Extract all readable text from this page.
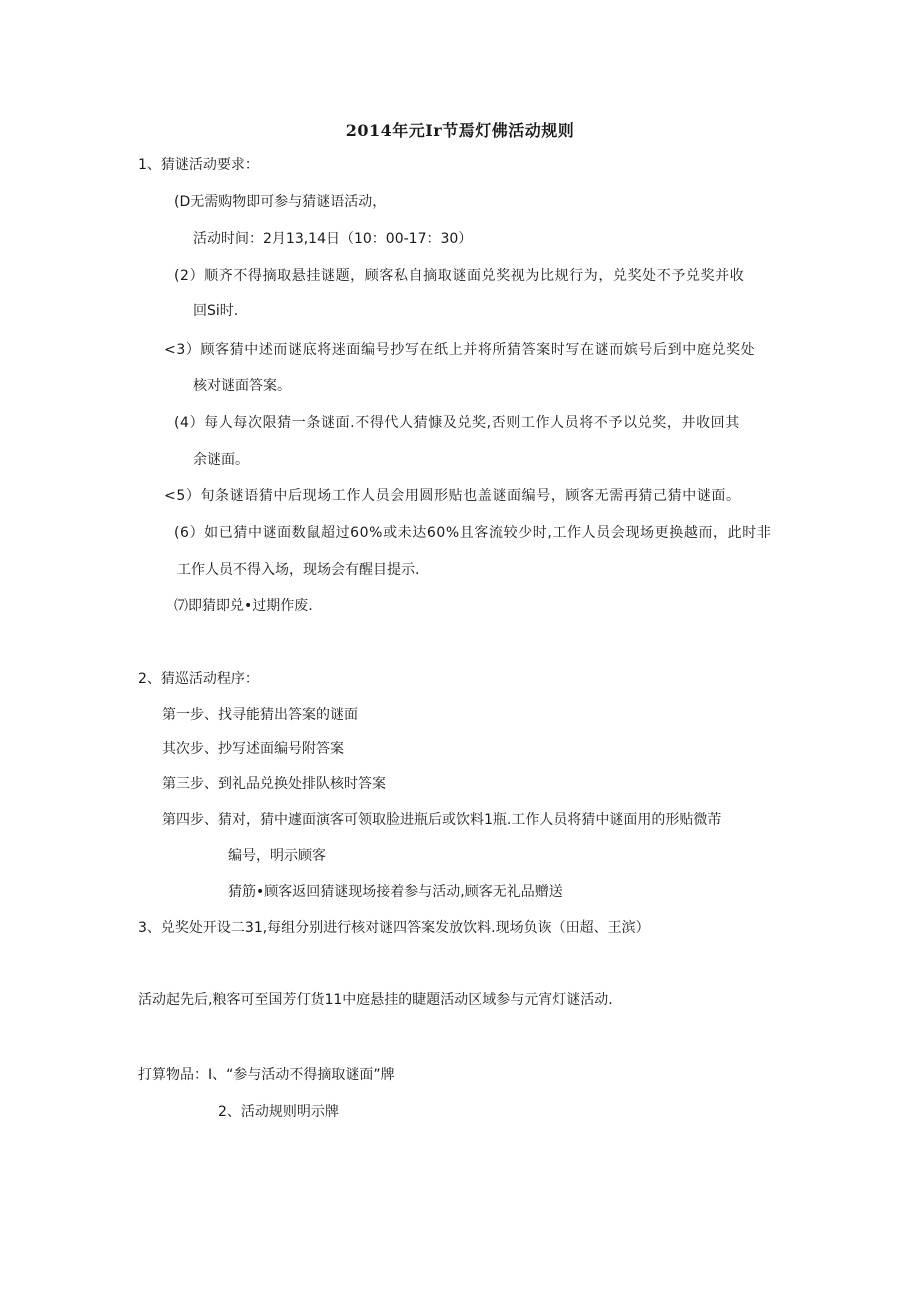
2014年元Ir节焉灯佛活动规则
1、猜谜活动要求：
(D无需购物即可参与猜谜语活动，
活动时间：2月13,14日（10：00-17：30）
(2）顺齐不得摘取悬挂谜题，顾客私自摘取谜面兑奖视为比规行为，兑奖处不予兑奖并收
回Si时.
<3）顾客猜中述而谜底将迷面编号抄写在纸上并将所猜答案时写在谜而嫔号后到中庭兑奖处
核对谜面答案。
(4）每人每次限猜一条谜面.不得代人猜慷及兑奖,否则工作人员将不予以兑奖，井收回其
余谜面。
<5）旬条谜语猜中后现场工作人员会用圆形贴也盖谜面编号，顾客无需再猜己猜中谜面。
(6）如已猜中谜面数鼠超过60%或未达60%且客流较少时,工作人员会现场更换越而，此时非
工作人员不得入场，现场会有醒目提示.
⑺即猜即兑•过期作废.
2、猜巡活动程序：
第一步、找寻能猜出答案的谜面
其次步、抄写述面编号附答案
第三步、到礼品兑换处排队核时答案
第四步、猜对，猜中遽面演客可领取脸进瓶后或饮料1瓶.工作人员将猜中谜面用的形贴微芾
编号，明示顾客
猜筋•顾客返回猜谜现场接着参与活动,顾客无礼品赠送
3、兑奖处开设二31,每组分别进行核对谜四答案发放饮料.现场负诙（田超、王滨）
活动起先后,粮客可至国芳仃货11中庭悬挂的睫題活动区域参与元宵灯谜活动.
打算物品：I、“参与活动不得摘取谜面”牌
2、活动规则明示牌
